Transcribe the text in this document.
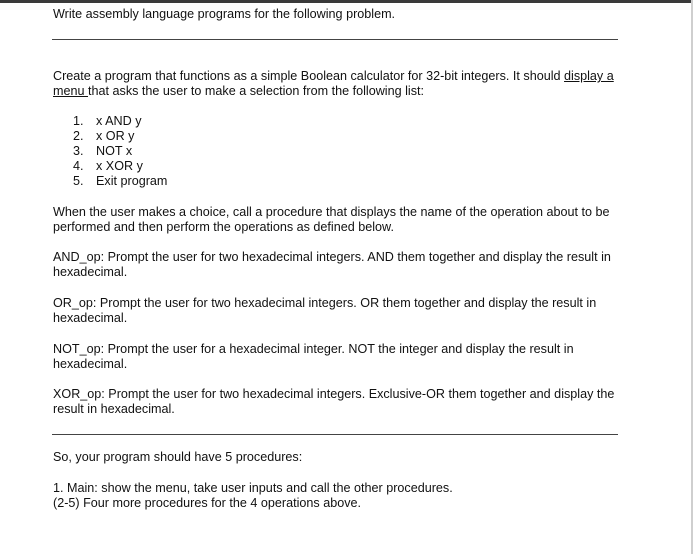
Write assembly language programs for the following problem.

Create a program that functions as a simple Boolean calculator for 32-bit integers. It should display a menu that asks the user to make a selection from the following list:

1. x AND y
2. x OR y
3. NOT x
4. x XOR y
5. Exit program

When the user makes a choice, call a procedure that displays the name of the operation about to be performed and then perform the operations as defined below.

AND_op: Prompt the user for two hexadecimal integers. AND them together and display the result in hexadecimal.

OR_op: Prompt the user for two hexadecimal integers. OR them together and display the result in hexadecimal.

NOT_op: Prompt the user for a hexadecimal integer. NOT the integer and display the result in hexadecimal.

XOR_op: Prompt the user for two hexadecimal integers. Exclusive-OR them together and display the result in hexadecimal.

So, your program should have 5 procedures:

1. Main: show the menu, take user inputs and call the other procedures.

(2-5) Four more procedures for the 4 operations above.
